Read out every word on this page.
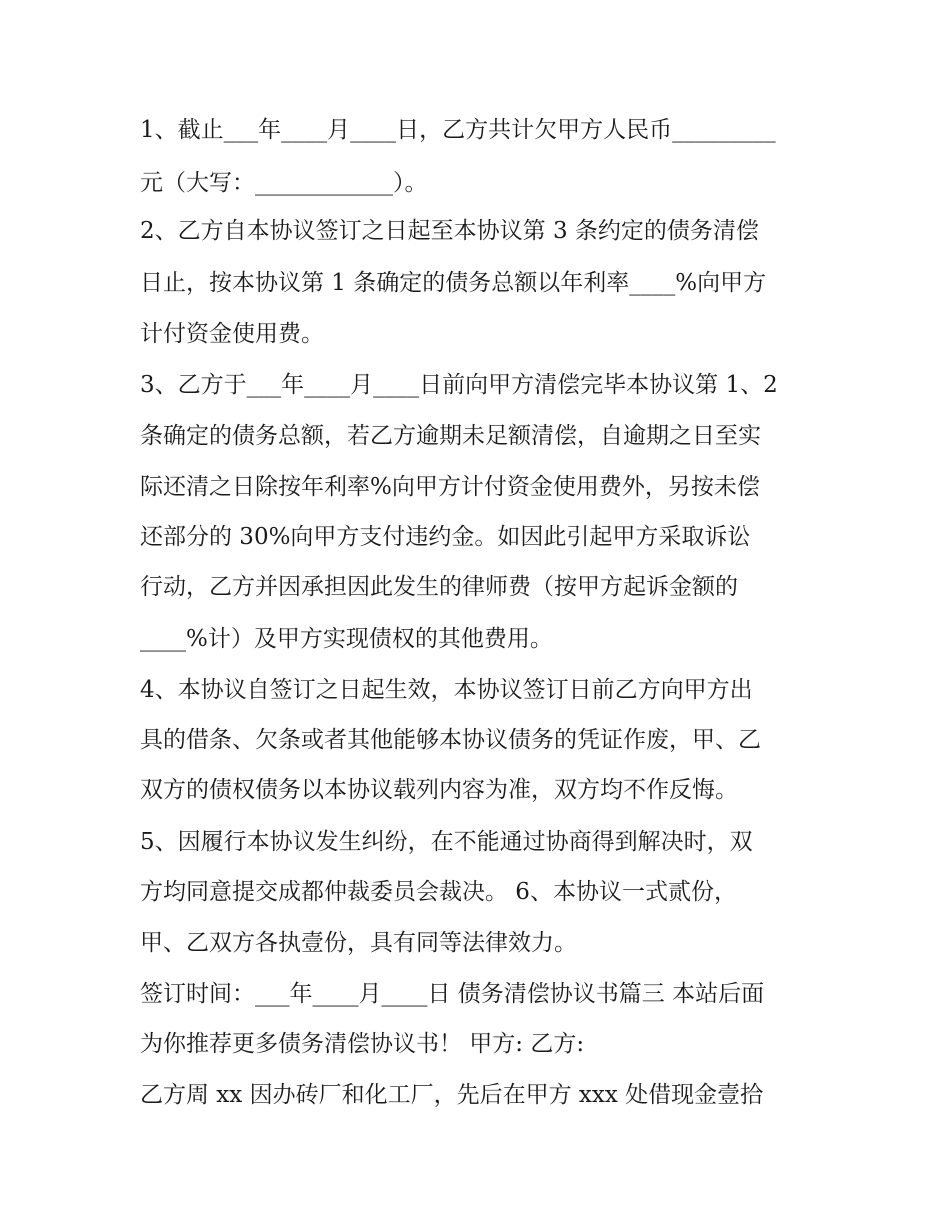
1、截止___年____月____日，乙方共计欠甲方人民币_________
元（大写：____________）。
2、乙方自本协议签订之日起至本协议第 3 条约定的债务清偿
日止，按本协议第 1 条确定的债务总额以年利率____%向甲方
计付资金使用费。
3、乙方于___年____月____日前向甲方清偿完毕本协议第 1、2
条确定的债务总额，若乙方逾期未足额清偿，自逾期之日至实
际还清之日除按年利率%向甲方计付资金使用费外，另按未偿
还部分的 30%向甲方支付违约金。如因此引起甲方采取诉讼
行动，乙方并因承担因此发生的律师费（按甲方起诉金额的
____%计）及甲方实现债权的其他费用。
4、本协议自签订之日起生效，本协议签订日前乙方向甲方出
具的借条、欠条或者其他能够本协议债务的凭证作废，甲、乙
双方的债权债务以本协议载列内容为准，双方均不作反悔。
5、因履行本协议发生纠纷，在不能通过协商得到解决时，双
方均同意提交成都仲裁委员会裁决。 6、本协议一式贰份，
甲、乙双方各执壹份，具有同等法律效力。
签订时间：___年____月____日 债务清偿协议书篇三 本站后面
为你推荐更多债务清偿协议书！ 甲方: 乙方:
乙方周 xx 因办砖厂和化工厂，先后在甲方 xxx 处借现金壹拾
